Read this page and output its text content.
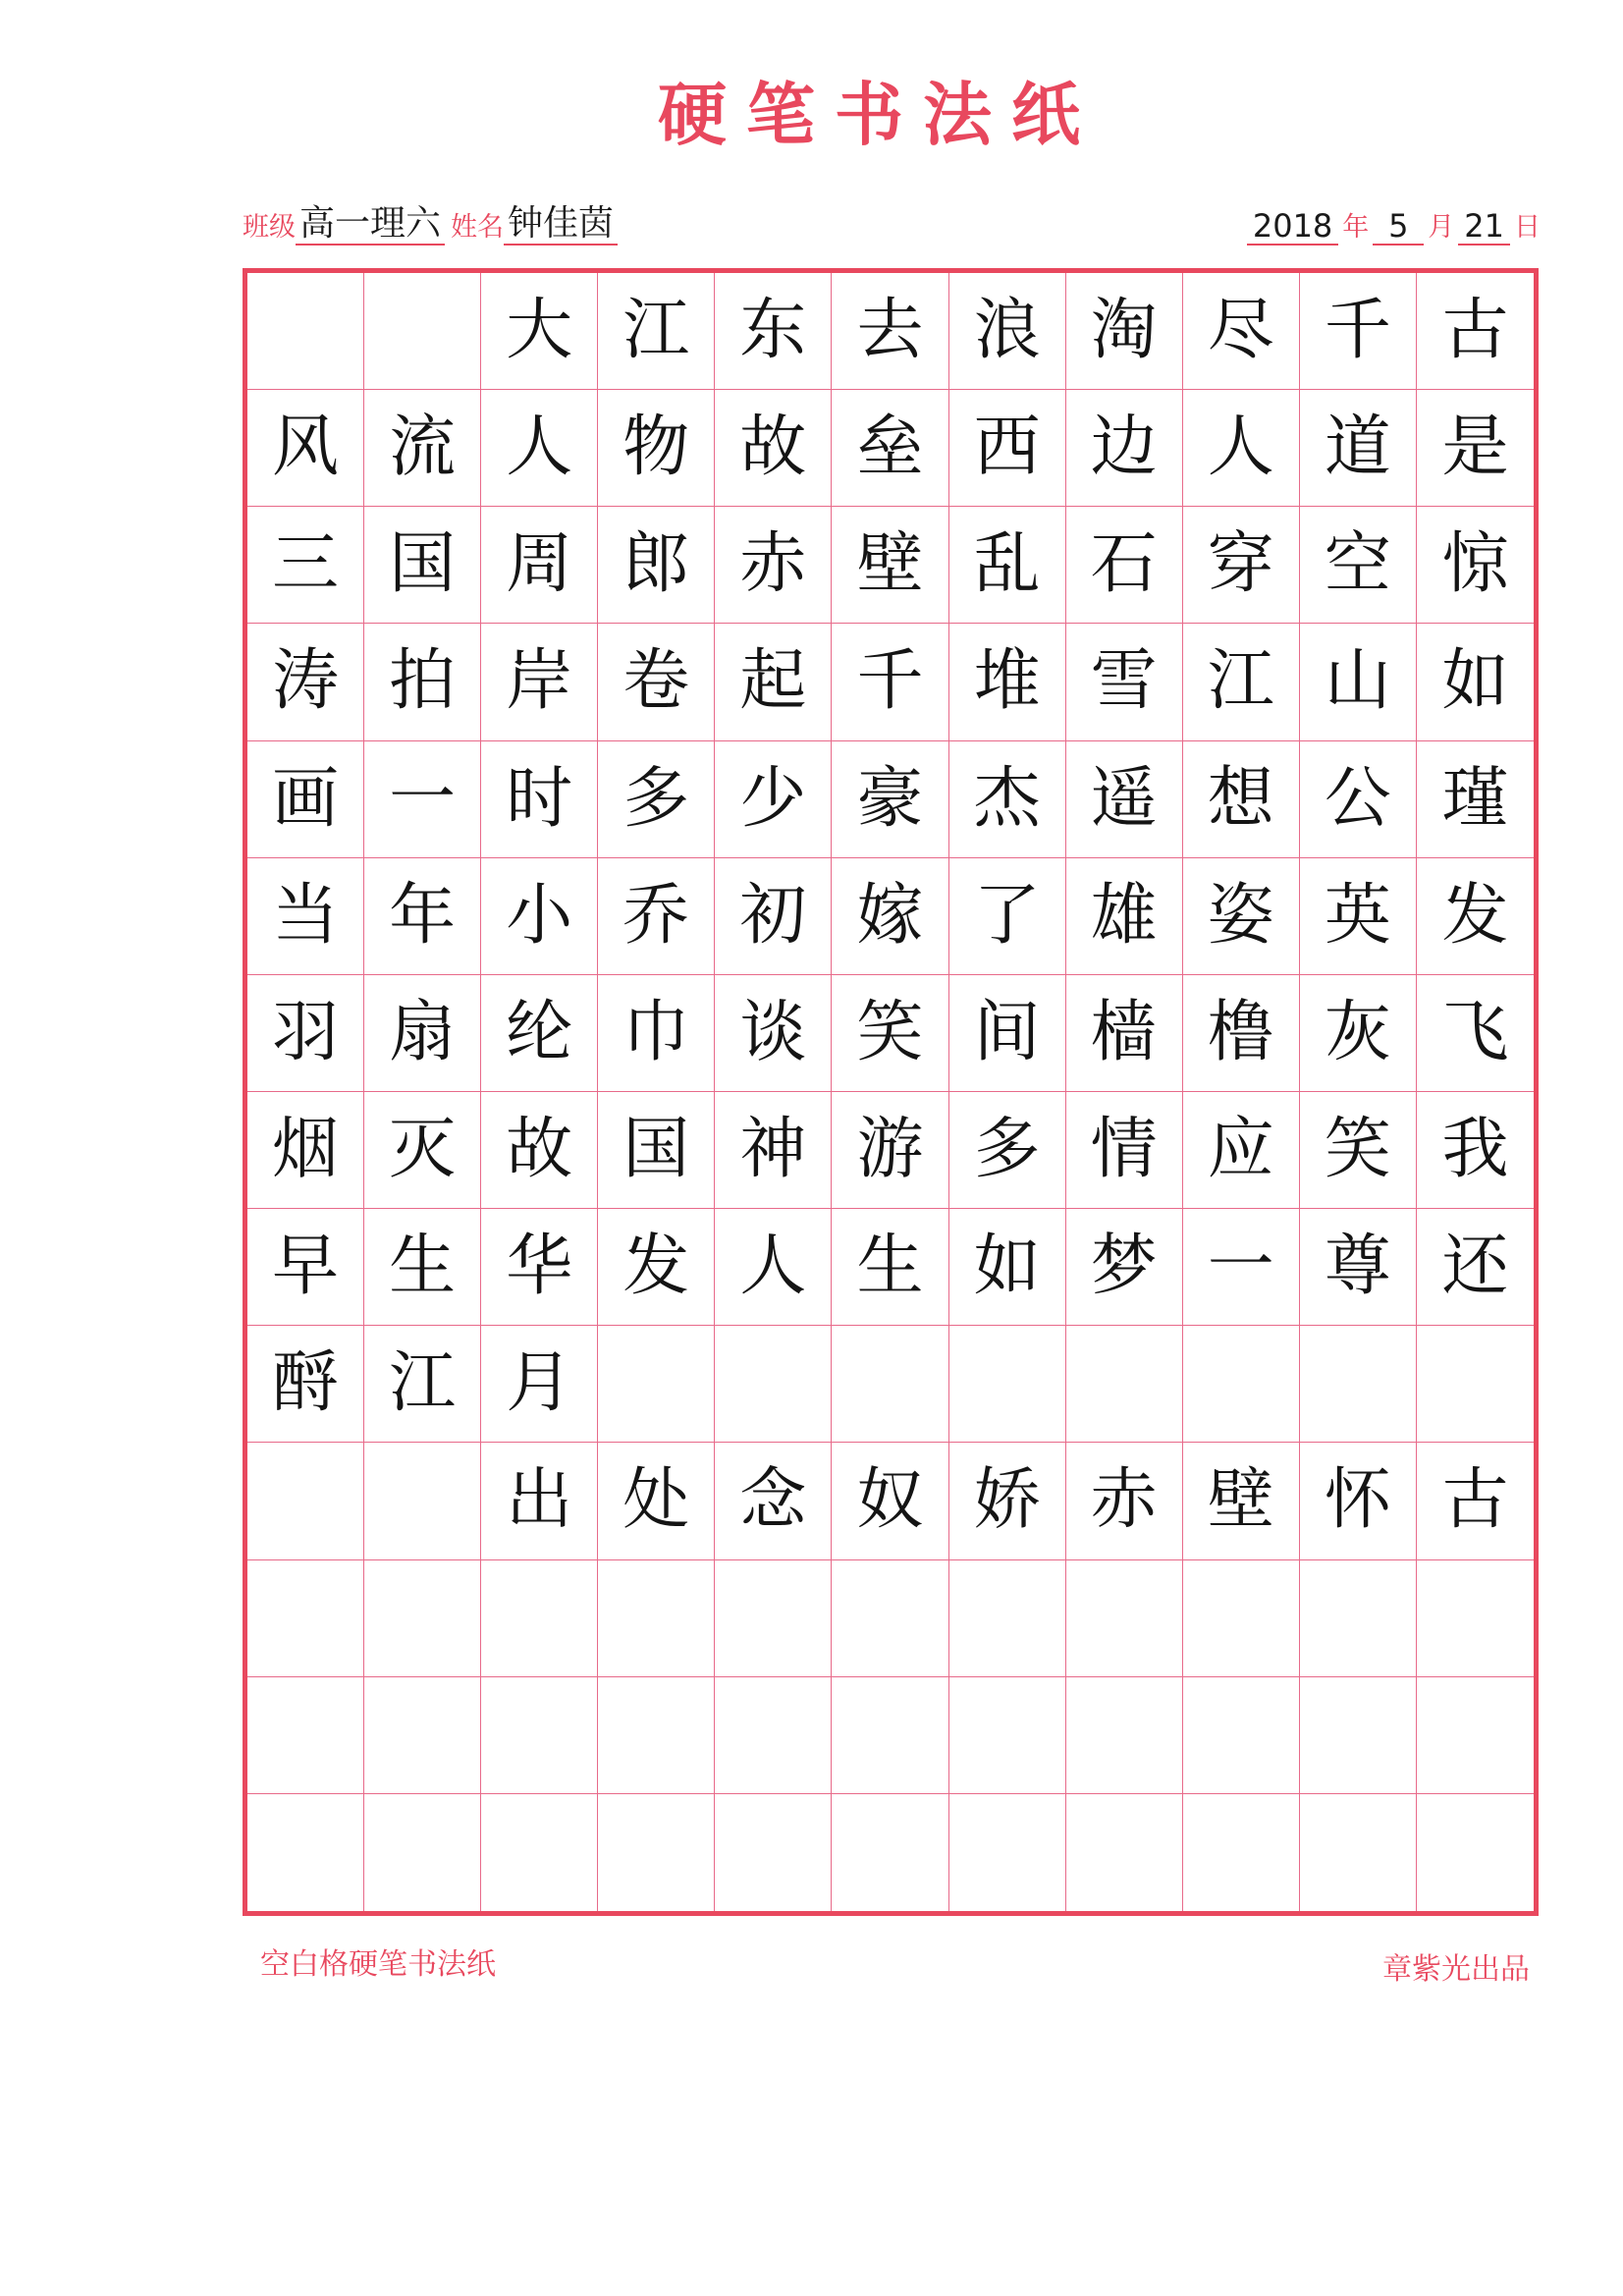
硬笔书法纸
班级 高一理六 姓名 钟佳茵	2018 年 5 月 21 日
大 江 东 去 浪 淘 尽 千 古
风 流 人 物 故 垒 西 边 人 道 是
三 国 周 郎 赤 壁 乱 石 穿 空 惊
涛 拍 岸 卷 起 千 堆 雪 江 山 如
画 一 时 多 少 豪 杰 遥 想 公 瑾
当 年 小 乔 初 嫁 了 雄 姿 英 发
羽 扇 纶 巾 谈 笑 间 樯 橹 灰 飞
烟 灭 故 国 神 游 多 情 应 笑 我
早 生 华 发 人 生 如 梦 一 尊 还
酹 江 月
出 处 念 奴 娇 赤 壁 怀 古
空白格硬笔书法纸	章紫光出品
